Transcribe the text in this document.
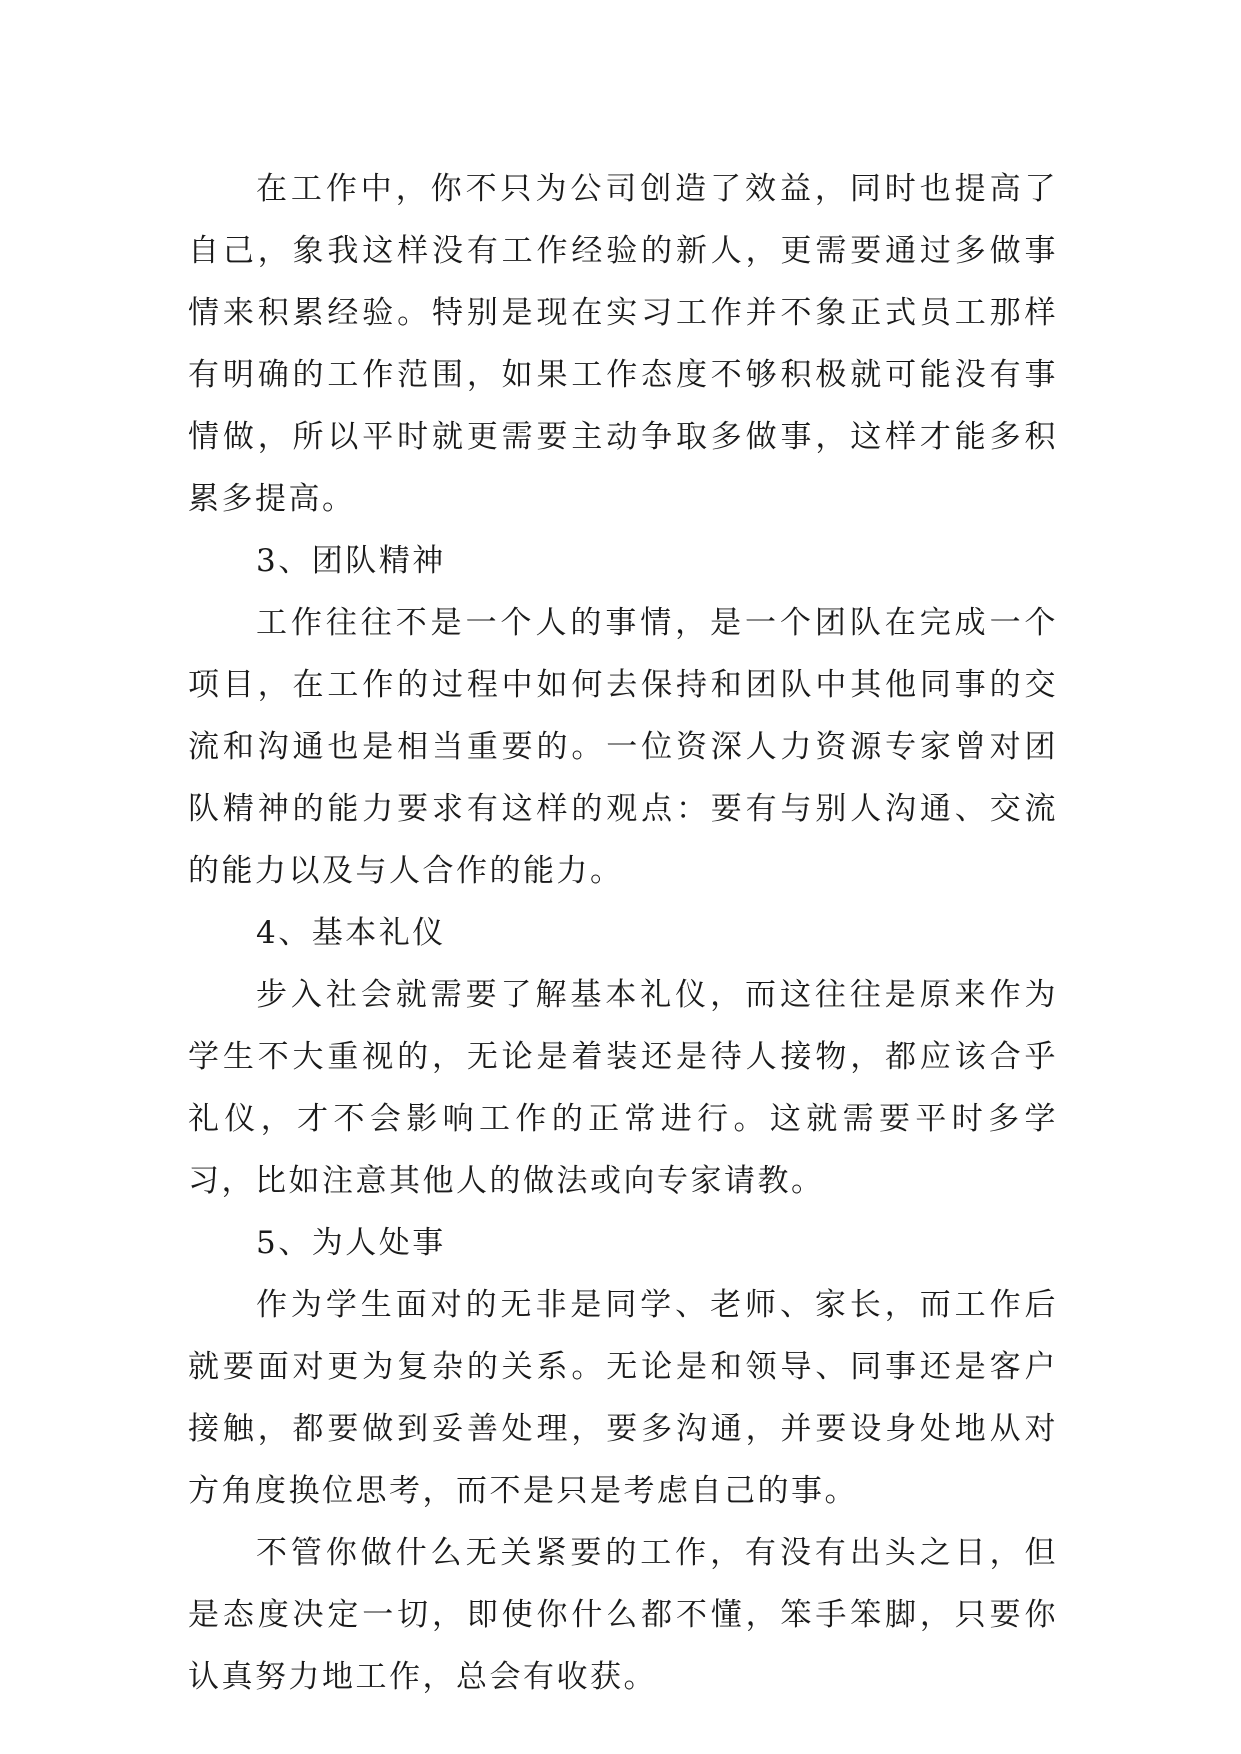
在工作中，你不只为公司创造了效益，同时也提高了自己，象我这样没有工作经验的新人，更需要通过多做事情来积累经验。特别是现在实习工作并不象正式员工那样有明确的工作范围，如果工作态度不够积极就可能没有事情做，所以平时就更需要主动争取多做事，这样才能多积累多提高。

3、团队精神

工作往往不是一个人的事情，是一个团队在完成一个项目，在工作的过程中如何去保持和团队中其他同事的交流和沟通也是相当重要的。一位资深人力资源专家曾对团队精神的能力要求有这样的观点：要有与别人沟通、交流的能力以及与人合作的能力。

4、基本礼仪

步入社会就需要了解基本礼仪，而这往往是原来作为学生不大重视的，无论是着装还是待人接物，都应该合乎礼仪，才不会影响工作的正常进行。这就需要平时多学习，比如注意其他人的做法或向专家请教。

5、为人处事

作为学生面对的无非是同学、老师、家长，而工作后就要面对更为复杂的关系。无论是和领导、同事还是客户接触，都要做到妥善处理，要多沟通，并要设身处地从对方角度换位思考，而不是只是考虑自己的事。

不管你做什么无关紧要的工作，有没有出头之日，但是态度决定一切，即使你什么都不懂，笨手笨脚，只要你认真努力地工作，总会有收获。
